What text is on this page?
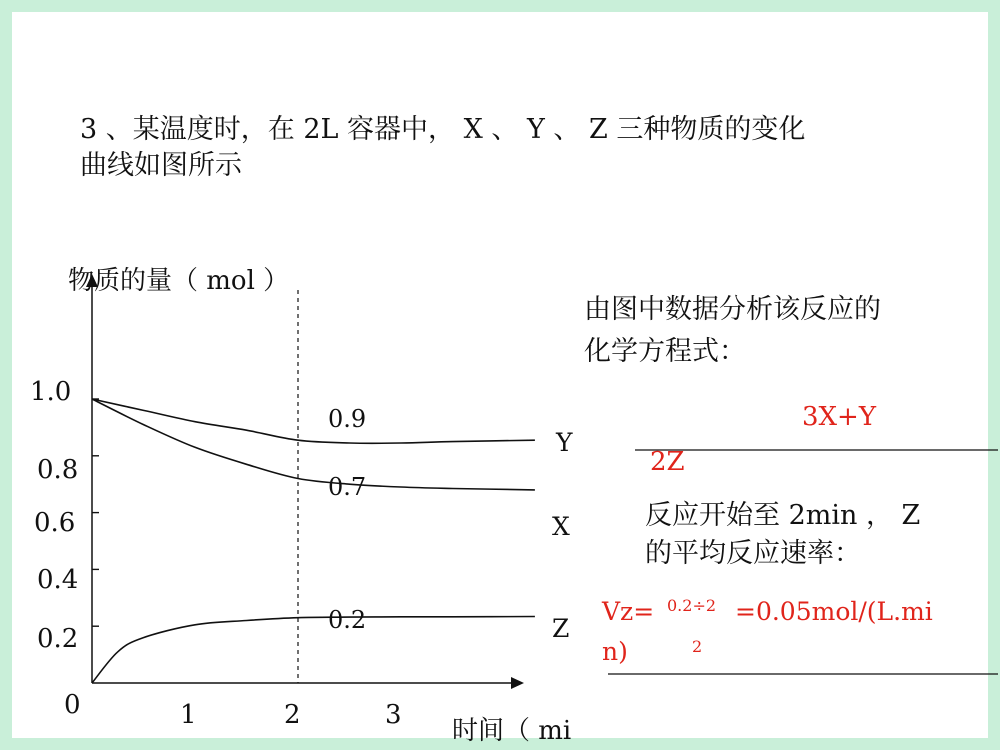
3 、某温度时，在 2L 容器中， X 、 Y 、 Z 三种物质的变化
曲线如图所示
物质的量（ mol ）
时间（ mi
1.0
0.8
0.6
0.4
0.2
0	1	2	3
0.9
0.7
0.2
Y
X
Z
由图中数据分析该反应的
化学方程式：
3X+Y
2Z
反应开始至 2min ， Z
的平均反应速率：
Vz= 0.2÷2
2
=0.05mol/(L.mi
n)
